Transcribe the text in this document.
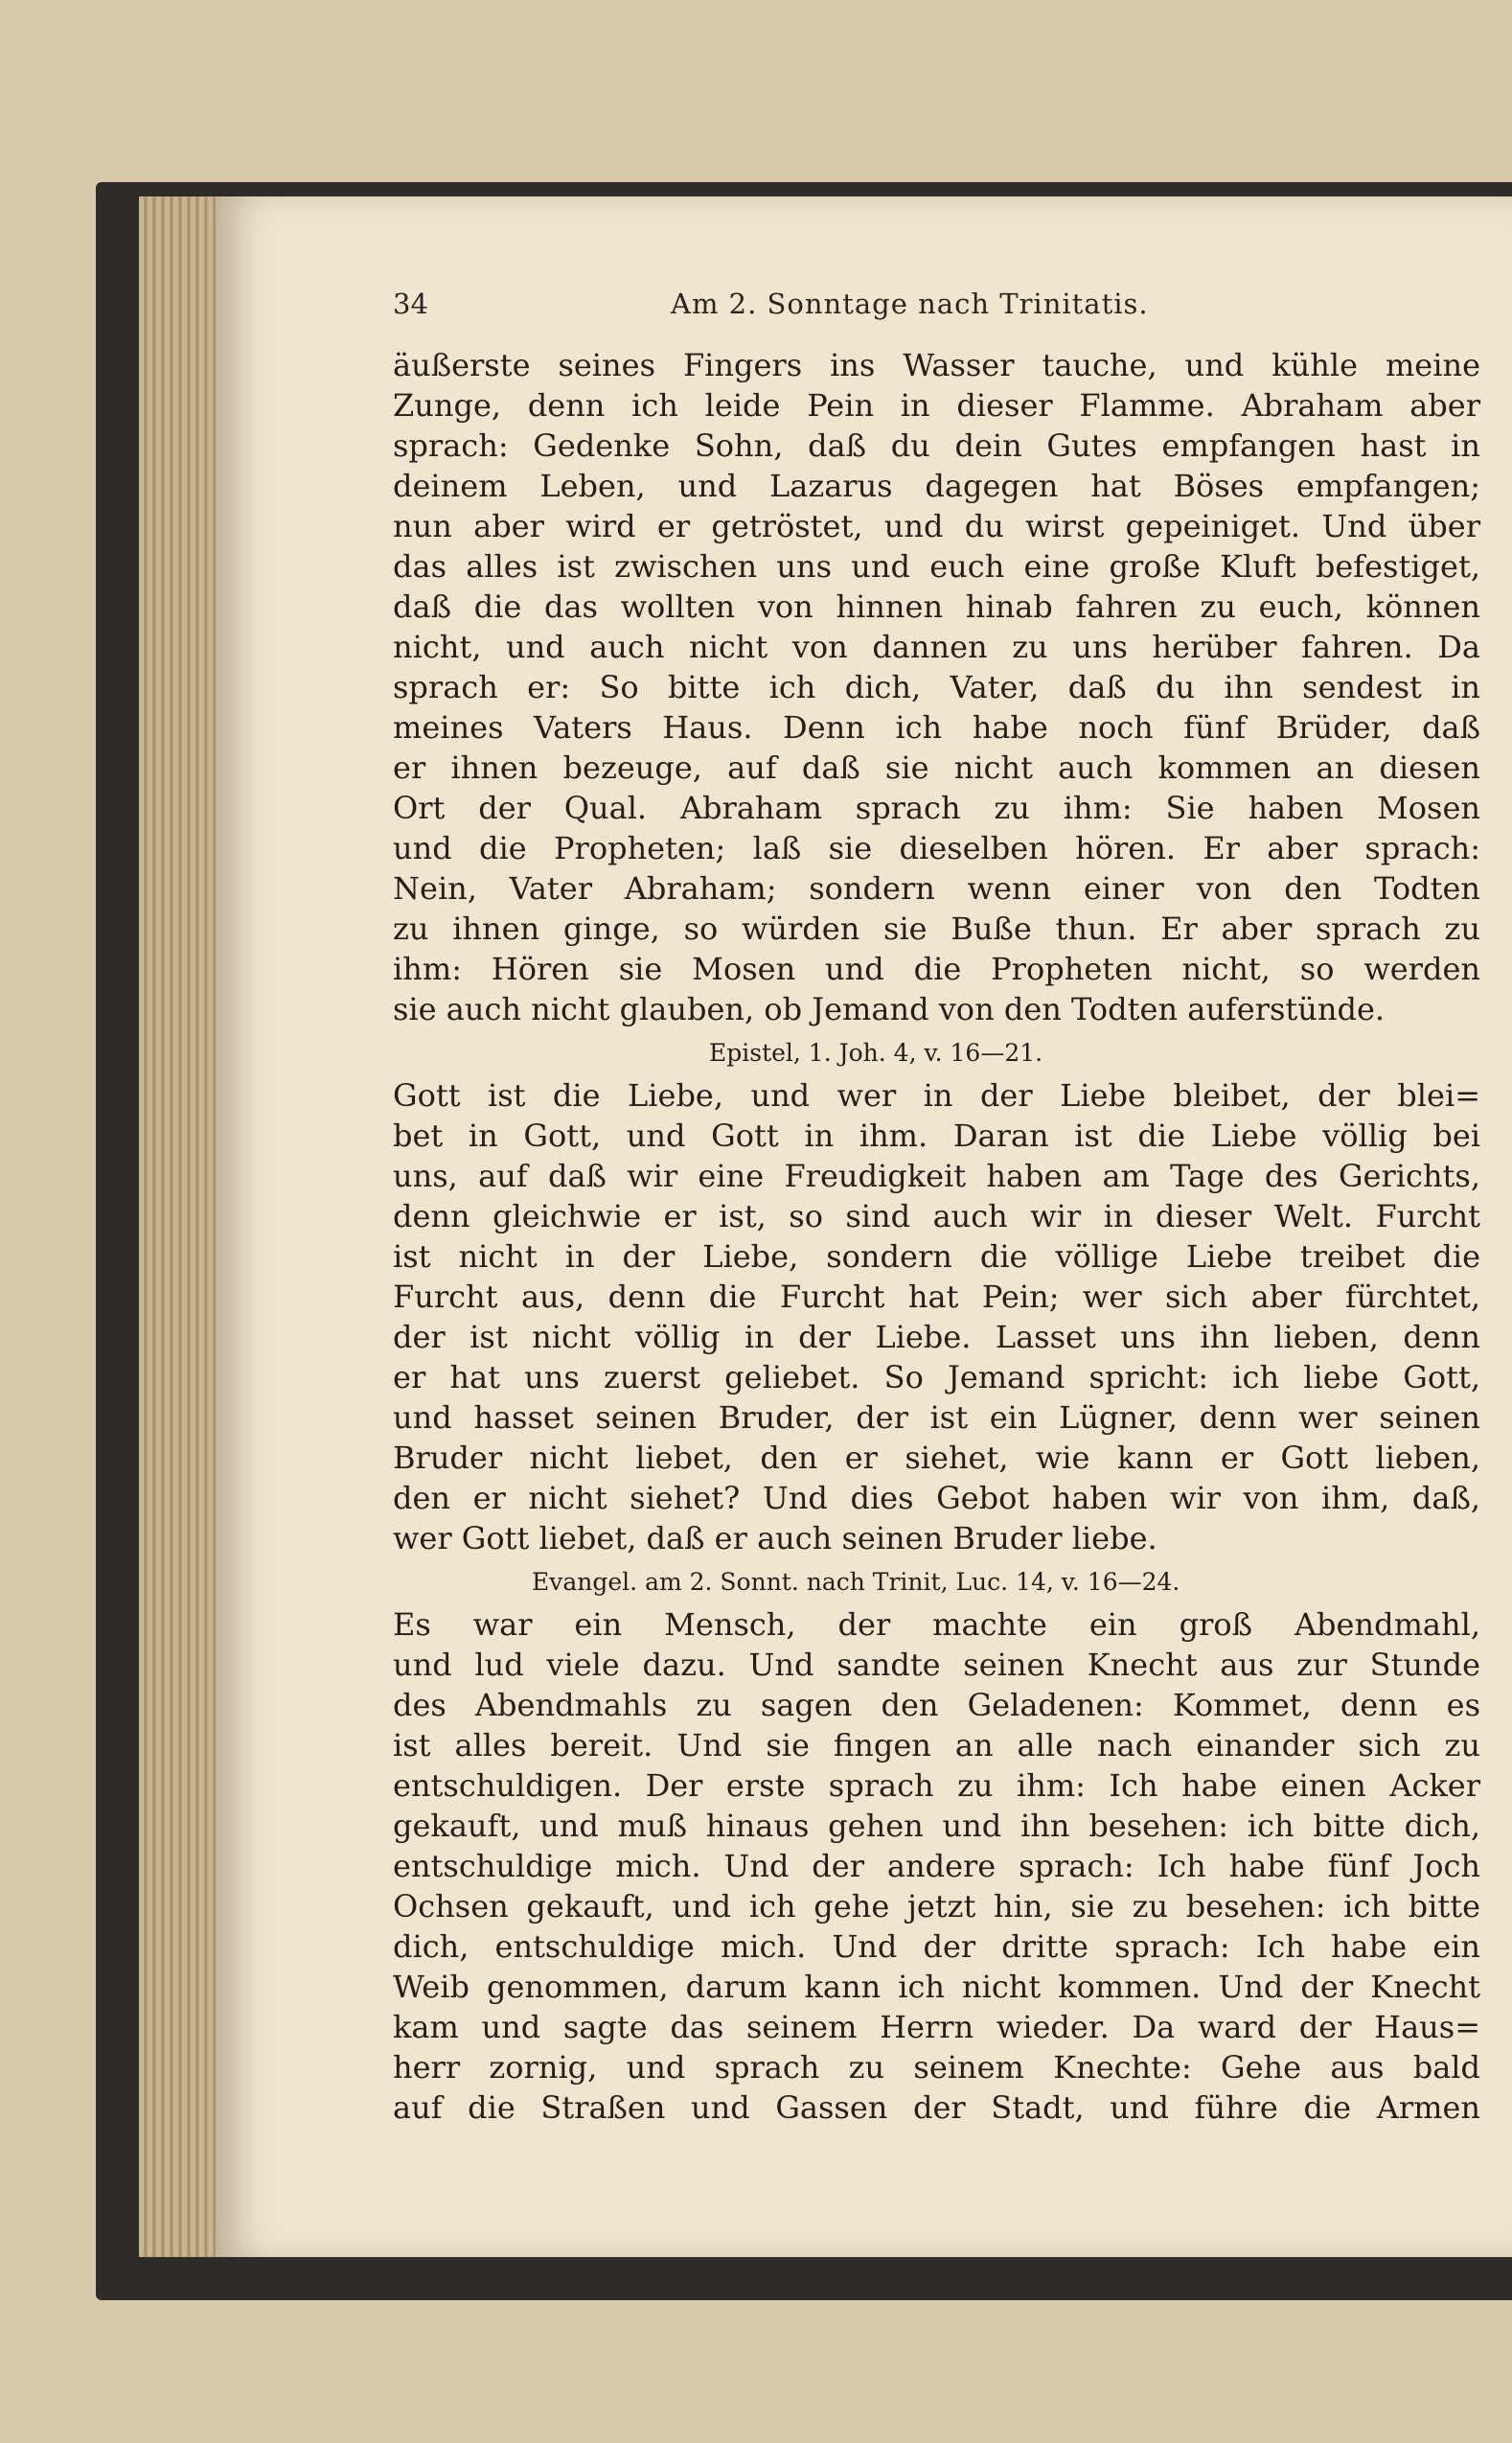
34	Am 2. Sonntage nach Trinitatis.
äußerste seines Fingers ins Wasser tauche, und kühle meine
Zunge, denn ich leide Pein in dieser Flamme. Abraham aber
sprach: Gedenke Sohn, daß du dein Gutes empfangen hast in
deinem Leben, und Lazarus dagegen hat Böses empfangen;
nun aber wird er getröstet, und du wirst gepeiniget. Und über
das alles ist zwischen uns und euch eine große Kluft befestiget,
daß die das wollten von hinnen hinab fahren zu euch, können
nicht, und auch nicht von dannen zu uns herüber fahren. Da
sprach er: So bitte ich dich, Vater, daß du ihn sendest in
meines Vaters Haus. Denn ich habe noch fünf Brüder, daß
er ihnen bezeuge, auf daß sie nicht auch kommen an diesen
Ort der Qual. Abraham sprach zu ihm: Sie haben Mosen
und die Propheten; laß sie dieselben hören. Er aber sprach:
Nein, Vater Abraham; sondern wenn einer von den Todten
zu ihnen ginge, so würden sie Buße thun. Er aber sprach zu
ihm: Hören sie Mosen und die Propheten nicht, so werden
sie auch nicht glauben, ob Jemand von den Todten auferstünde.
Epistel, 1. Joh. 4, v. 16—21.
Gott ist die Liebe, und wer in der Liebe bleibet, der blei=
bet in Gott, und Gott in ihm. Daran ist die Liebe völlig bei
uns, auf daß wir eine Freudigkeit haben am Tage des Gerichts,
denn gleichwie er ist, so sind auch wir in dieser Welt. Furcht
ist nicht in der Liebe, sondern die völlige Liebe treibet die
Furcht aus, denn die Furcht hat Pein; wer sich aber fürchtet,
der ist nicht völlig in der Liebe. Lasset uns ihn lieben, denn
er hat uns zuerst geliebet. So Jemand spricht: ich liebe Gott,
und hasset seinen Bruder, der ist ein Lügner, denn wer seinen
Bruder nicht liebet, den er siehet, wie kann er Gott lieben,
den er nicht siehet? Und dies Gebot haben wir von ihm, daß,
wer Gott liebet, daß er auch seinen Bruder liebe.
Evangel. am 2. Sonnt. nach Trinit, Luc. 14, v. 16—24.
Es war ein Mensch, der machte ein groß Abendmahl,
und lud viele dazu. Und sandte seinen Knecht aus zur Stunde
des Abendmahls zu sagen den Geladenen: Kommet, denn es
ist alles bereit. Und sie fingen an alle nach einander sich zu
entschuldigen. Der erste sprach zu ihm: Ich habe einen Acker
gekauft, und muß hinaus gehen und ihn besehen: ich bitte dich,
entschuldige mich. Und der andere sprach: Ich habe fünf Joch
Ochsen gekauft, und ich gehe jetzt hin, sie zu besehen: ich bitte
dich, entschuldige mich. Und der dritte sprach: Ich habe ein
Weib genommen, darum kann ich nicht kommen. Und der Knecht
kam und sagte das seinem Herrn wieder. Da ward der Haus=
herr zornig, und sprach zu seinem Knechte: Gehe aus bald
auf die Straßen und Gassen der Stadt, und führe die Armen
